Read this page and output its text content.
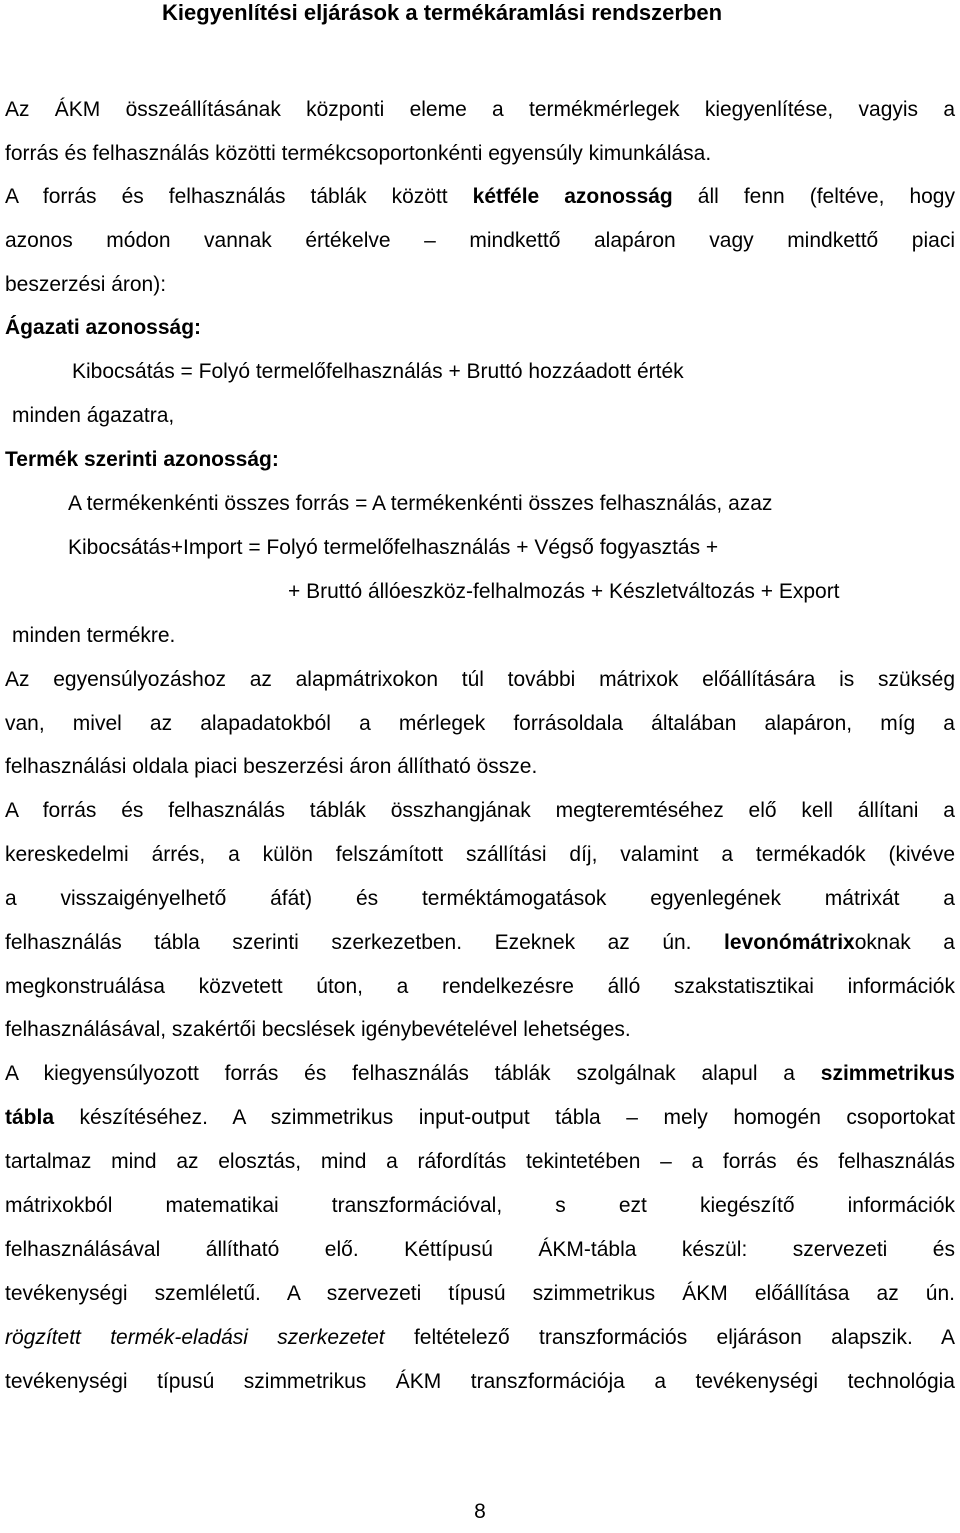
Kiegyenlítési eljárások a termékáramlási rendszerben
Az ÁKM összeállításának központi eleme a termékmérlegek kiegyenlítése, vagyis a
forrás és felhasználás közötti termékcsoportonkénti egyensúly kimunkálása.
A forrás és felhasználás táblák között kétféle azonosság áll fenn (feltéve, hogy
azonos módon vannak értékelve – mindkettő alapáron vagy mindkettő piaci
beszerzési áron):
Ágazati azonosság:
Kibocsátás = Folyó termelőfelhasználás + Bruttó hozzáadott érték
minden ágazatra,
Termék szerinti azonosság:
A termékenkénti összes forrás = A termékenkénti összes felhasználás, azaz
Kibocsátás+Import = Folyó termelőfelhasználás + Végső fogyasztás +
+ Bruttó állóeszköz-felhalmozás + Készletváltozás + Export
minden termékre.
Az egyensúlyozáshoz az alapmátrixokon túl további mátrixok előállítására is szükség
van, mivel az alapadatokból a mérlegek forrásoldala általában alapáron, míg a
felhasználási oldala piaci beszerzési áron állítható össze.
A forrás és felhasználás táblák összhangjának megteremtéséhez elő kell állítani a
kereskedelmi árrés, a külön felszámított szállítási díj, valamint a termékadók (kivéve
a visszaigényelhető áfát) és terméktámogatások egyenlegének mátrixát a
felhasználás tábla szerinti szerkezetben. Ezeknek az ún. levonómátrixoknak a
megkonstruálása közvetett úton, a rendelkezésre álló szakstatisztikai információk
felhasználásával, szakértői becslések igénybevételével lehetséges.
A kiegyensúlyozott forrás és felhasználás táblák szolgálnak alapul a szimmetrikus
tábla készítéséhez. A szimmetrikus input-output tábla – mely homogén csoportokat
tartalmaz mind az elosztás, mind a ráfordítás tekintetében – a forrás és felhasználás
mátrixokból matematikai transzformációval, s ezt kiegészítő információk
felhasználásával állítható elő. Kéttípusú ÁKM-tábla készül: szervezeti és
tevékenységi szemléletű. A szervezeti típusú szimmetrikus ÁKM előállítása az ún.
rögzített termék-eladási szerkezetet feltételező transzformációs eljáráson alapszik. A
tevékenységi típusú szimmetrikus ÁKM transzformációja a tevékenységi technológia
8
